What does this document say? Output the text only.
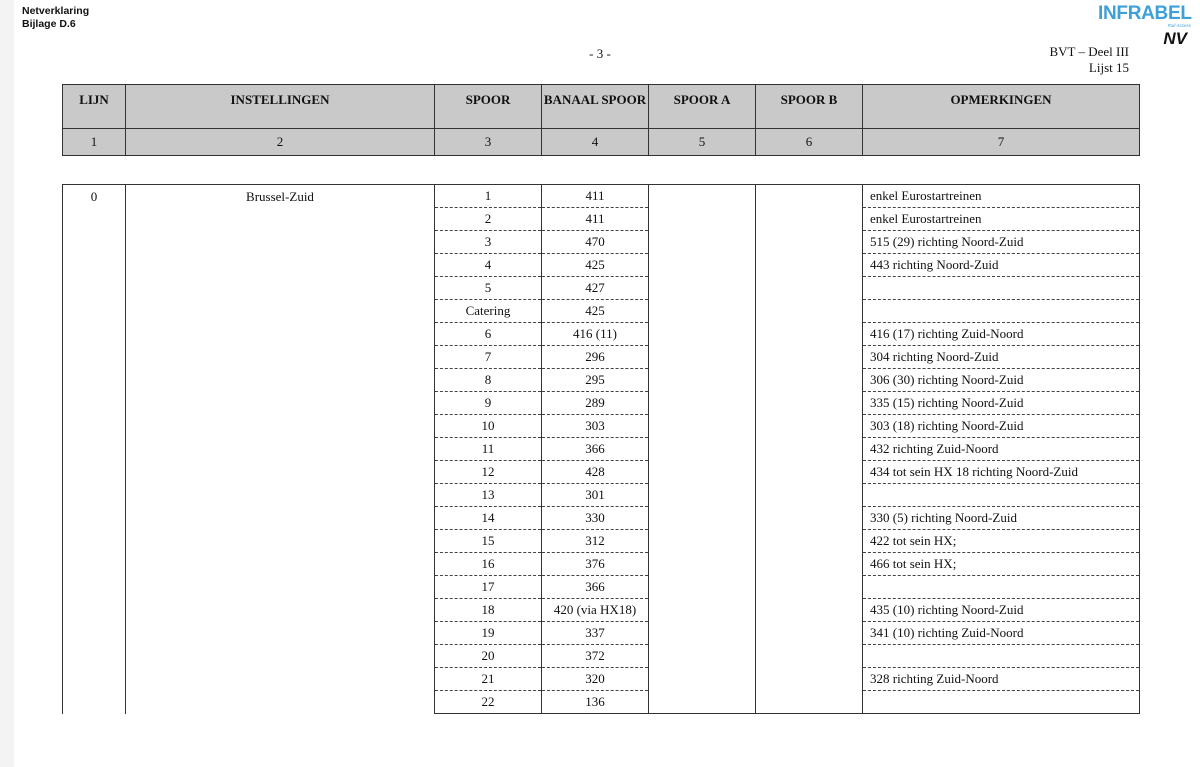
Netverklaring
Bijlage D.6	INFRABEL
Rail Access
NV
- 3 -	BVT – Deel III
Lijst 15
LIJN	INSTELLINGEN	SPOOR	BANAAL SPOOR	SPOOR A	SPOOR B	OPMERKINGEN
1	2	3	4	5	6	7
0	Brussel-Zuid	1	411			enkel Eurostartreinen
		2	411			enkel Eurostartreinen
		3	470			515 (29) richting Noord-Zuid
		4	425			443 richting Noord-Zuid
		5	427			
		Catering	425			
		6	416 (11)			416 (17) richting Zuid-Noord
		7	296			304 richting Noord-Zuid
		8	295			306 (30) richting Noord-Zuid
		9	289			335 (15) richting Noord-Zuid
		10	303			303 (18) richting Noord-Zuid
		11	366			432 richting Zuid-Noord
		12	428			434 tot sein HX 18 richting Noord-Zuid
		13	301			
		14	330			330 (5) richting Noord-Zuid
		15	312			422 tot sein HX;
		16	376			466 tot sein HX;
		17	366			
		18	420 (via HX18)			435 (10) richting Noord-Zuid
		19	337			341 (10) richting Zuid-Noord
		20	372			
		21	320			328 richting Zuid-Noord
		22	136			
